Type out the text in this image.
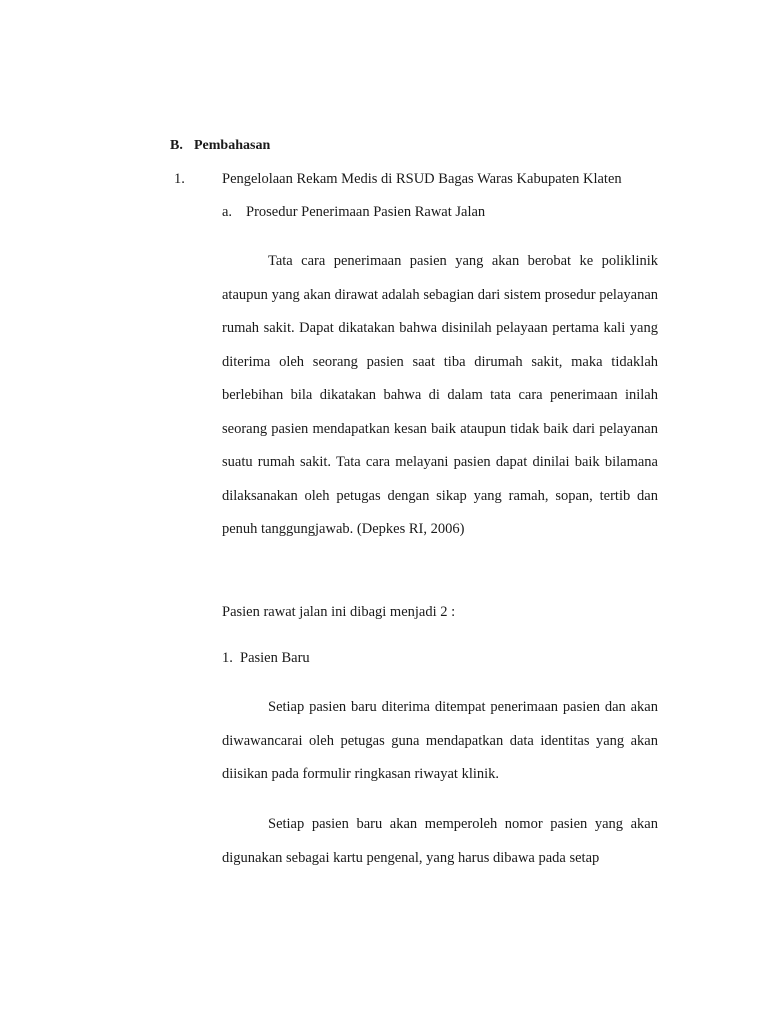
B. Pembahasan
1.	Pengelolaan Rekam Medis di RSUD Bagas Waras Kabupaten Klaten
a. Prosedur Penerimaan Pasien Rawat Jalan

Tata cara penerimaan pasien yang akan berobat ke poliklinik ataupun yang akan dirawat adalah sebagian dari sistem prosedur pelayanan rumah sakit. Dapat dikatakan bahwa disinilah pelayaan pertama kali yang diterima oleh seorang pasien saat tiba dirumah sakit, maka tidaklah berlebihan bila dikatakan bahwa di dalam tata cara penerimaan inilah seorang pasien mendapatkan kesan baik ataupun tidak baik dari pelayanan suatu rumah sakit. Tata cara melayani pasien dapat dinilai baik bilamana dilaksanakan oleh petugas dengan sikap yang ramah, sopan, tertib dan penuh tanggungjawab. (Depkes RI, 2006)

Pasien rawat jalan ini dibagi menjadi 2 :
1. Pasien Baru

Setiap pasien baru diterima ditempat penerimaan pasien dan akan diwawancarai oleh petugas guna mendapatkan data identitas yang akan diisikan pada formulir ringkasan riwayat klinik.

Setiap pasien baru akan memperoleh nomor pasien yang akan digunakan sebagai kartu pengenal, yang harus dibawa pada setap
